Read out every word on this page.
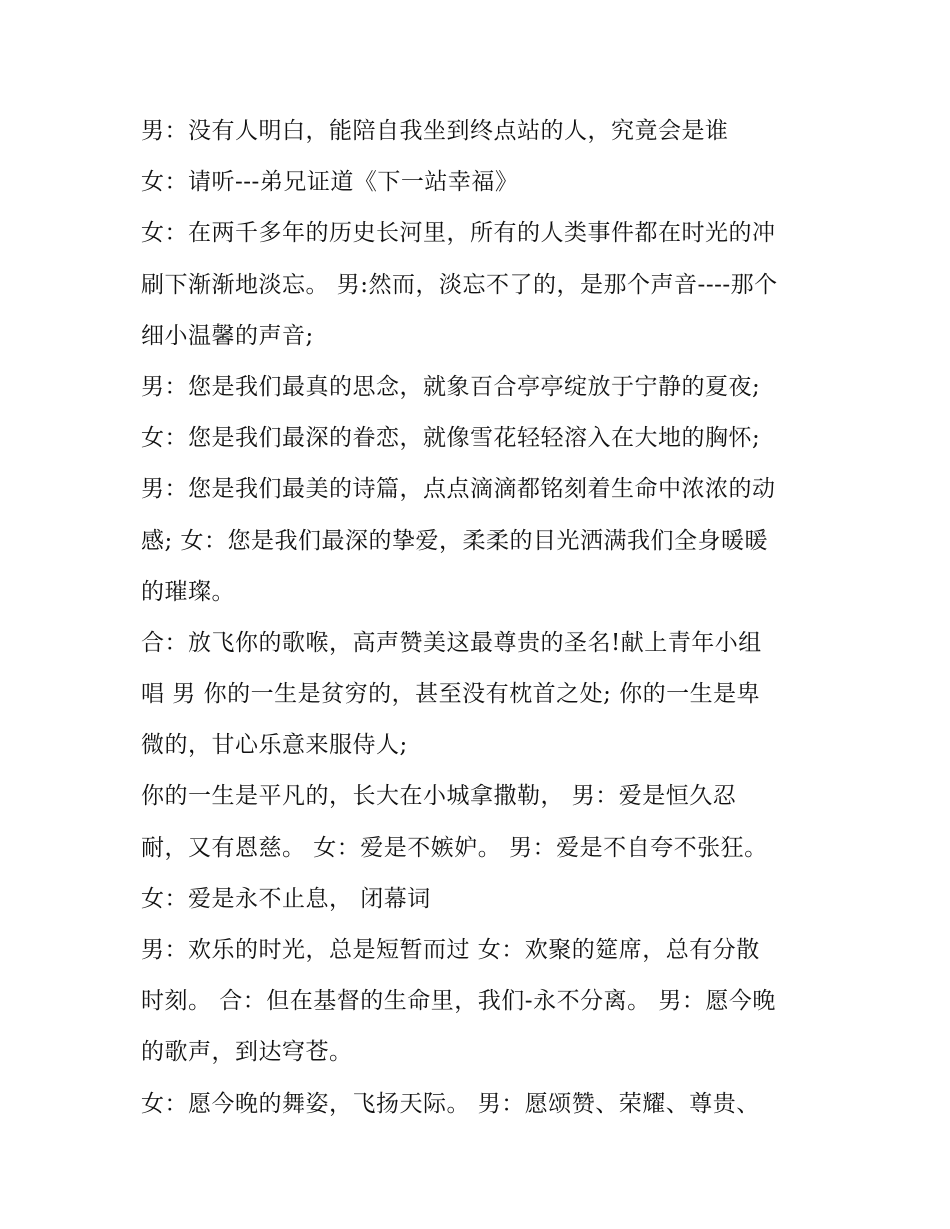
男：没有人明白，能陪自我坐到终点站的人，究竟会是谁
女：请听---弟兄证道《下一站幸福》
女：在两千多年的历史长河里，所有的人类事件都在时光的冲
刷下渐渐地淡忘。 男:然而，淡忘不了的，是那个声音----那个
细小温馨的声音;
男：您是我们最真的思念，就象百合亭亭绽放于宁静的夏夜;
女：您是我们最深的眷恋，就像雪花轻轻溶入在大地的胸怀;
男：您是我们最美的诗篇，点点滴滴都铭刻着生命中浓浓的动
感; 女：您是我们最深的挚爱，柔柔的目光洒满我们全身暖暖
的璀璨。
合：放飞你的歌喉，高声赞美这最尊贵的圣名!献上青年小组
唱 男 你的一生是贫穷的，甚至没有枕首之处; 你的一生是卑
微的，甘心乐意来服侍人;
你的一生是平凡的，长大在小城拿撒勒， 男：爱是恒久忍
耐，又有恩慈。 女：爱是不嫉妒。 男：爱是不自夸不张狂。
女：爱是永不止息， 闭幕词
男：欢乐的时光，总是短暂而过 女：欢聚的筵席，总有分散
时刻。 合：但在基督的生命里，我们-永不分离。 男：愿今晚
的歌声，到达穹苍。
女：愿今晚的舞姿，飞扬天际。 男：愿颂赞、荣耀、尊贵、
